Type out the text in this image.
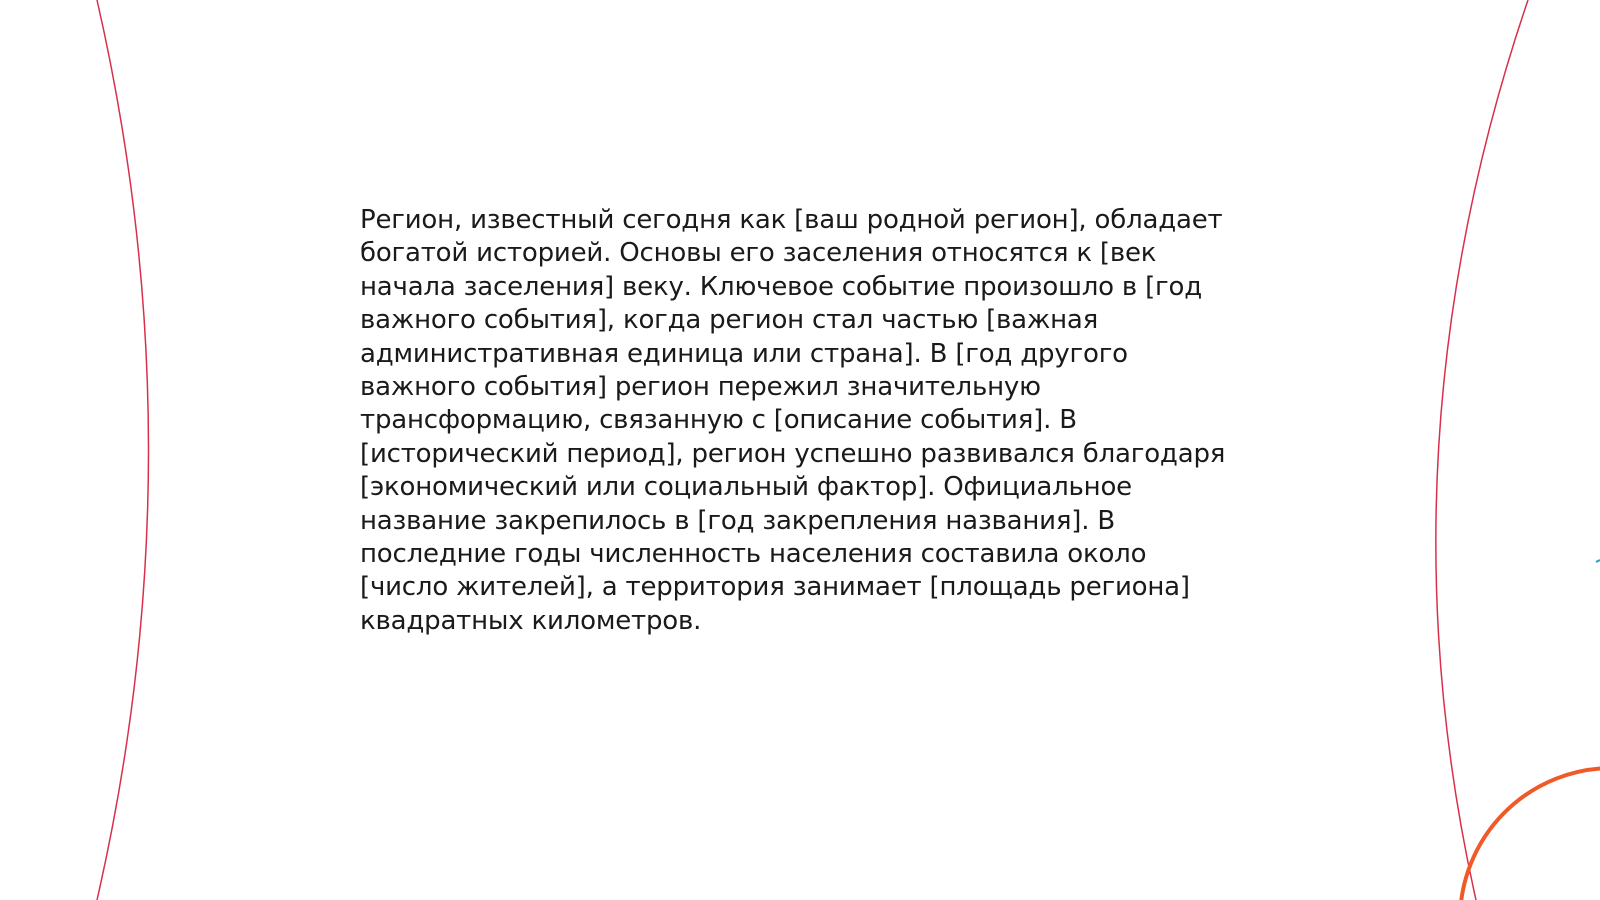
Регион, известный сегодня как [ваш родной регион], обладает богатой историей. Основы его заселения относятся к [век начала заселения] веку. Ключевое событие произошло в [год важного события], когда регион стал частью [важная административная единица или страна]. В [год другого важного события] регион пережил значительную трансформацию, связанную с [описание события]. В [исторический период], регион успешно развивался благодаря [экономический или социальный фактор]. Официальное название закрепилось в [год закрепления названия]. В последние годы численность населения составила около [число жителей], а территория занимает [площадь региона] квадратных километров.
